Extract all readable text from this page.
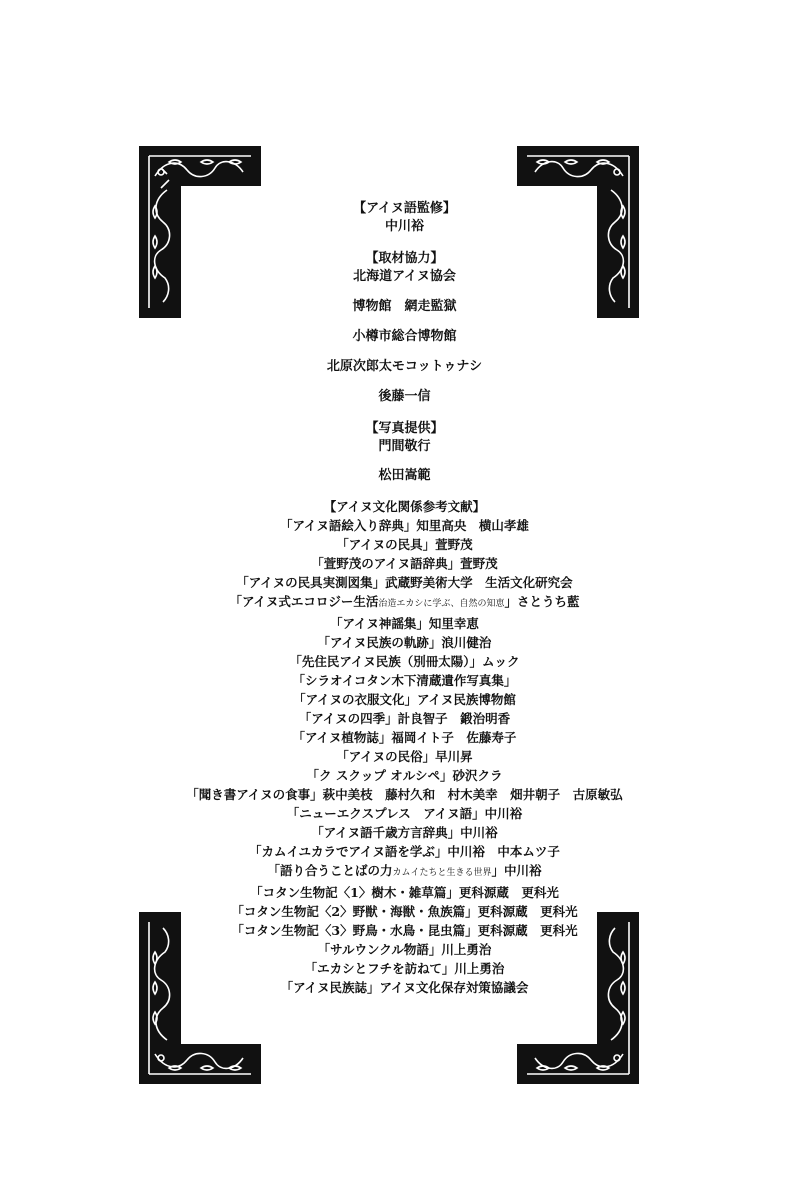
【アイヌ語監修】

中川裕

【取材協力】

北海道アイヌ協会

博物館　網走監獄

小樽市総合博物館

北原次郎太モコットゥナシ

後藤一信

【写真提供】

門間敬行

松田嵩範

【アイヌ文化関係参考文献】

「アイヌ語絵入り辞典」知里高央　横山孝雄

「アイヌの民具」萱野茂

「萱野茂のアイヌ語辞典」萱野茂

「アイヌの民具実測図集」武蔵野美術大学　生活文化研究会

「アイヌ式エコロジー生活治造エカシに学ぶ、自然の知恵」さとうち藍

「アイヌ神謡集」知里幸恵

「アイヌ民族の軌跡」浪川健治

「先住民アイヌ民族（別冊太陽）」ムック

「シラオイコタン木下清蔵遺作写真集」

「アイヌの衣服文化」アイヌ民族博物館

「アイヌの四季」計良智子　鍛治明香

「アイヌ植物誌」福岡イト子　佐藤寿子

「アイヌの民俗」早川昇

「ク スクップ オルシペ」砂沢クラ

「聞き書アイヌの食事」萩中美枝　藤村久和　村木美幸　畑井朝子　古原敏弘

「ニューエクスプレス　アイヌ語」中川裕

「アイヌ語千歳方言辞典」中川裕

「カムイユカラでアイヌ語を学ぶ」中川裕　中本ムツ子

「語り合うことばの力カムイたちと生きる世界」中川裕

「コタン生物記〈1〉樹木・雑草篇」更科源蔵　更科光

「コタン生物記〈2〉野獣・海獣・魚族篇」更科源蔵　更科光

「コタン生物記〈3〉野鳥・水鳥・昆虫篇」更科源蔵　更科光

「サルウンクル物語」川上勇治

「エカシとフチを訪ねて」川上勇治

「アイヌ民族誌」アイヌ文化保存対策協議会
